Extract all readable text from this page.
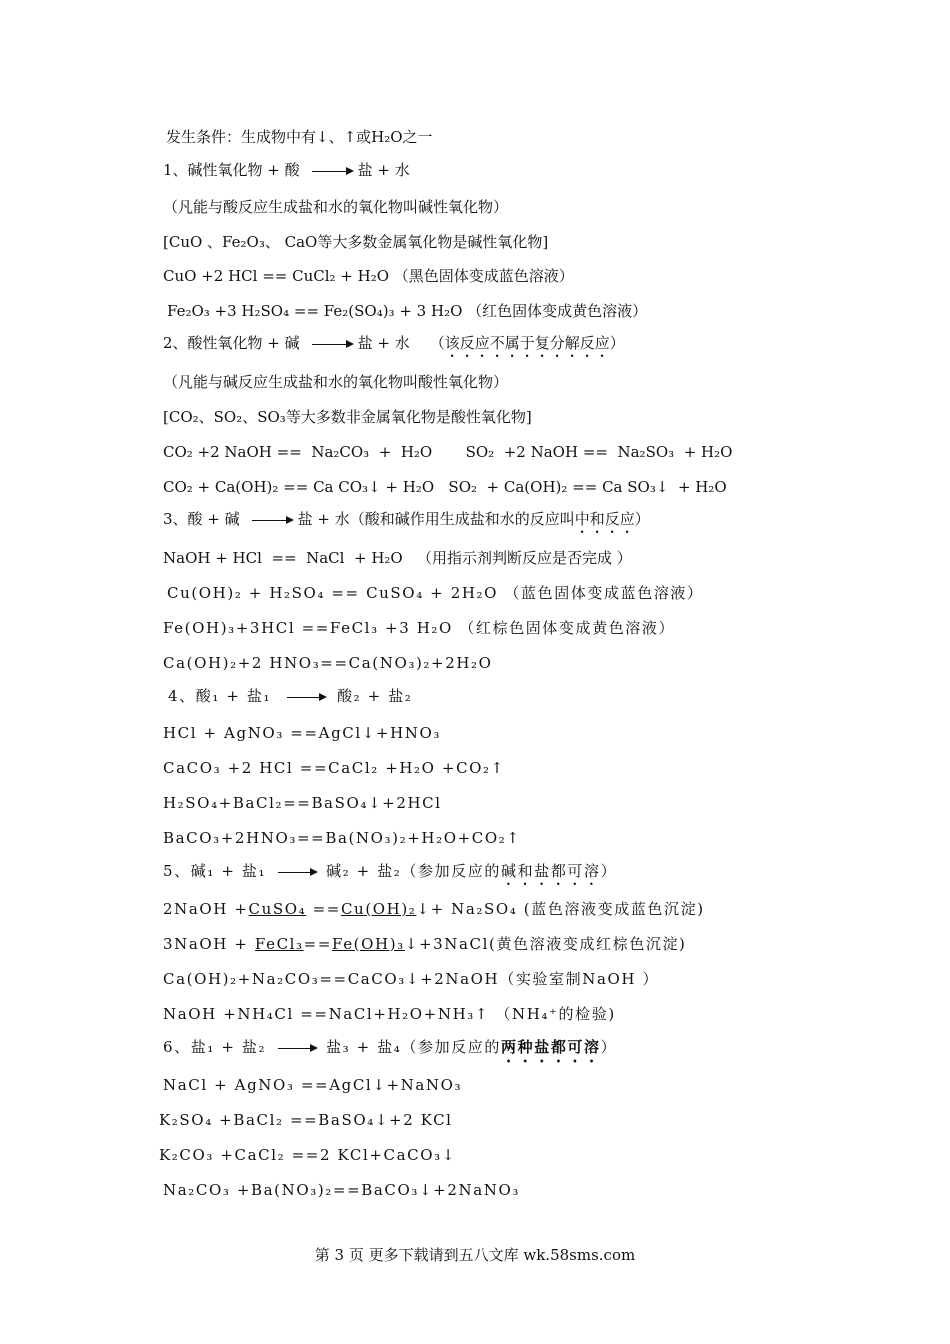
发生条件：生成物中有↓、↑或H₂O之一
1、碱性氧化物 + 酸	盐 + 水
（凡能与酸反应生成盐和水的氧化物叫碱性氧化物）
[CuO 、Fe₂O₃、 CaO等大多数金属氧化物是碱性氧化物]
CuO +2 HCl == CuCl₂ + H₂O （黑色固体变成蓝色溶液）
Fe₂O₃ +3 H₂SO₄ == Fe₂(SO₄)₃ + 3 H₂O （红色固体变成黄色溶液）
2、酸性氧化物 + 碱	盐 + 水 （该反应不属于复分解反应）
（凡能与碱反应生成盐和水的氧化物叫酸性氧化物）
[CO₂、SO₂、SO₃等大多数非金属氧化物是酸性氧化物]
CO₂ +2 NaOH ==  Na₂CO₃  +  H₂O       SO₂  +2 NaOH ==  Na₂SO₃  + H₂O
CO₂ + Ca(OH)₂ == Ca CO₃↓ + H₂O   SO₂  + Ca(OH)₂ == Ca SO₃↓  + H₂O
3、酸 + 碱	盐 + 水（酸和碱作用生成盐和水的反应叫中和反应）
NaOH + HCl  ==  NaCl  + H₂O   （用指示剂判断反应是否完成 ）
Cu(OH)₂ + H₂SO₄ == CuSO₄ + 2H₂O （蓝色固体变成蓝色溶液）
Fe(OH)₃+3HCl ==FeCl₃ +3 H₂O （红棕色固体变成黄色溶液）
Ca(OH)₂+2 HNO₃==Ca(NO₃)₂+2H₂O
4、酸₁ + 盐₁	酸₂ + 盐₂
HCl + AgNO₃ ==AgCl↓+HNO₃
CaCO₃ +2 HCl ==CaCl₂ +H₂O +CO₂↑
H₂SO₄+BaCl₂==BaSO₄↓+2HCl
BaCO₃+2HNO₃==Ba(NO₃)₂+H₂O+CO₂↑
5、碱₁ + 盐₁	碱₂ + 盐₂（参加反应的碱和盐都可溶）
2NaOH +CuSO₄ ==Cu(OH)₂↓+ Na₂SO₄ (蓝色溶液变成蓝色沉淀)
3NaOH + FeCl₃==Fe(OH)₃↓+3NaCl(黄色溶液变成红棕色沉淀)
Ca(OH)₂+Na₂CO₃==CaCO₃↓+2NaOH（实验室制NaOH ）
NaOH +NH₄Cl ==NaCl+H₂O+NH₃↑ （NH₄⁺的检验)
6、盐₁ + 盐₂	盐₃ + 盐₄（参加反应的两种盐都可溶）
NaCl + AgNO₃ ==AgCl↓+NaNO₃
K₂SO₄ +BaCl₂ ==BaSO₄↓+2 KCl
K₂CO₃ +CaCl₂ ==2 KCl+CaCO₃↓
Na₂CO₃ +Ba(NO₃)₂==BaCO₃↓+2NaNO₃
第 3 页 更多下载请到五八文库 wk.58sms.com
